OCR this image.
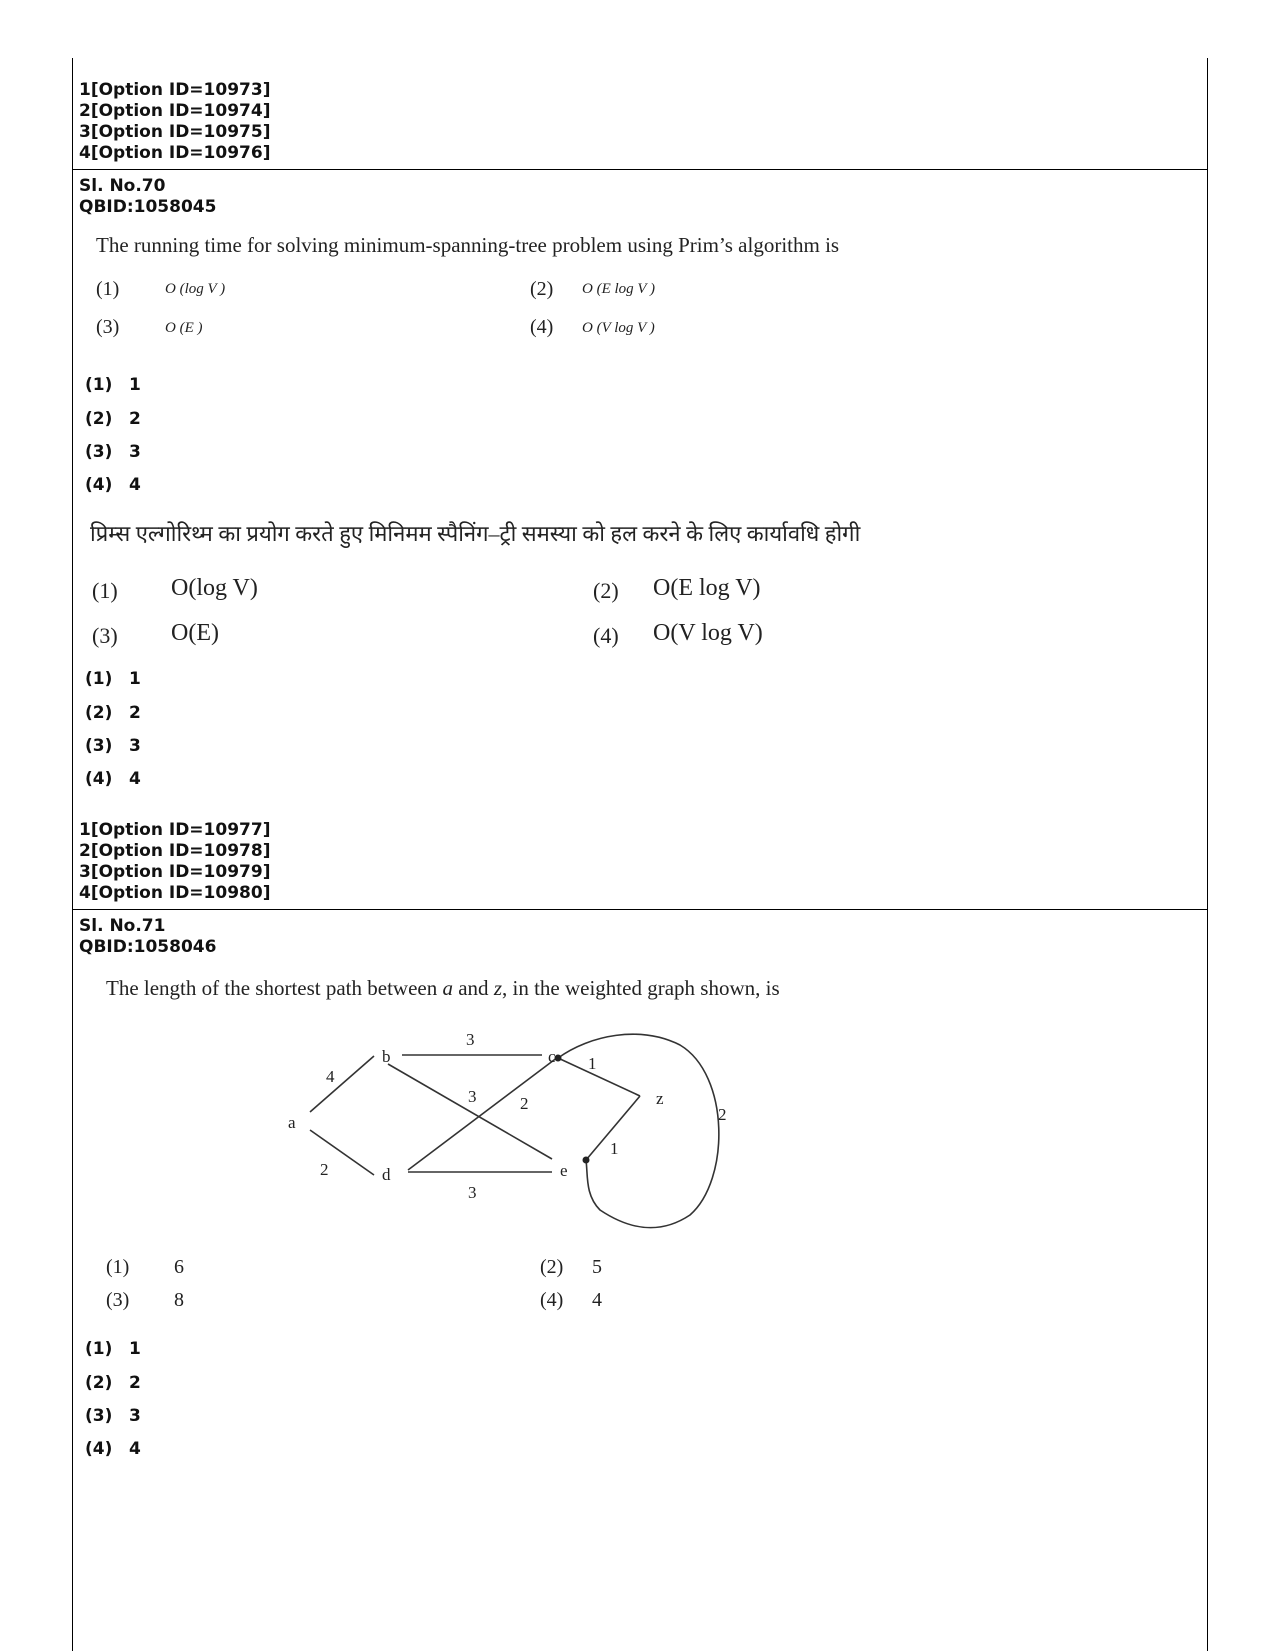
1[Option ID=10973]
2[Option ID=10974]
3[Option ID=10975]
4[Option ID=10976]
Sl. No.70
QBID:1058045
The running time for solving minimum-spanning-tree problem using Prim’s algorithm is
(1)	O (log V )	(2) O (E log V )
(3)	O (E )	(4) O (V log V )
(1) 1
(2) 2
(3) 3
(4) 4
प्रिम्स एल्गोरिथ्म का प्रयोग करते हुए मिनिमम स्पैनिंग–ट्री समस्या को हल करने के लिए कार्यावधि होगी
(1) O(log V)	(2) O(E log V)
(3) O(E)	(4) O(V log V)
(1) 1
(2) 2
(3) 3
(4) 4
1[Option ID=10977]
2[Option ID=10978]
3[Option ID=10979]
4[Option ID=10980]
Sl. No.71
QBID:1058046
The length of the shortest path between a and z, in the weighted graph shown, is
a
b	c
d	e
z
4
2
3
3	2
3
1
1
2
(1) 6	(2) 5
(3) 8	(4) 4
(1) 1
(2) 2
(3) 3
(4) 4
